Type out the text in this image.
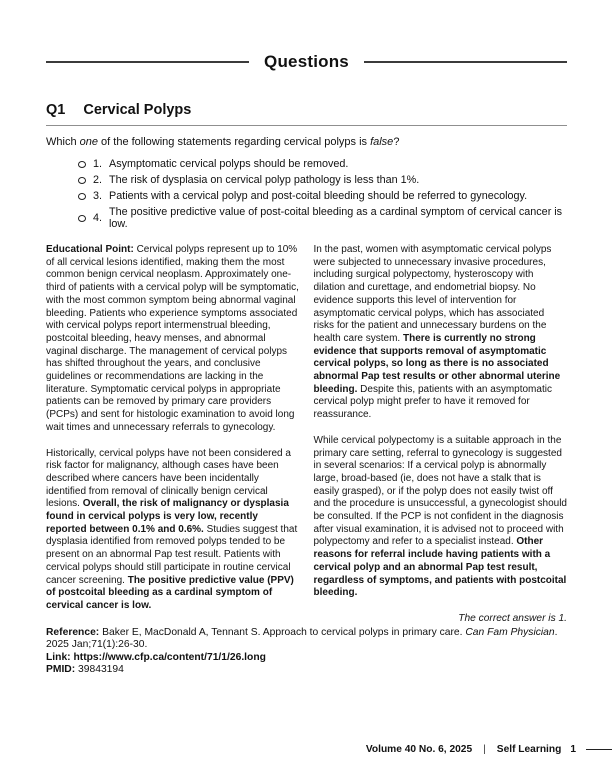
Questions
Q1 Cervical Polyps

Which one of the following statements regarding cervical polyps is false?

1. Asymptomatic cervical polyps should be removed.
2. The risk of dysplasia on cervical polyp pathology is less than 1%.
3. Patients with a cervical polyp and post-coital bleeding should be referred to gynecology.
4. The positive predictive value of post-coital bleeding as a cardinal symptom of cervical cancer is low.

Educational Point: Cervical polyps represent up to 10% of all cervical lesions identified, making them the most common benign cervical neoplasm. Approximately one-third of patients with a cervical polyp will be symptomatic, with the most common symptom being abnormal vaginal bleeding. Patients who experience symptoms associated with cervical polyps report intermenstrual bleeding, postcoital bleeding, heavy menses, and abnormal vaginal discharge. The management of cervical polyps has shifted throughout the years, and conclusive guidelines or recommendations are lacking in the literature. Symptomatic cervical polyps in appropriate patients can be removed by primary care providers (PCPs) and sent for histologic examination to avoid long wait times and unnecessary referrals to gynecology.

Historically, cervical polyps have not been considered a risk factor for malignancy, although cases have been described where cancers have been incidentally identified from removal of clinically benign cervical lesions. Overall, the risk of malignancy or dysplasia found in cervical polyps is very low, recently reported between 0.1% and 0.6%. Studies suggest that dysplasia identified from removed polyps tended to be present on an abnormal Pap test result. Patients with cervical polyps should still participate in routine cervical cancer screening. The positive predictive value (PPV) of postcoital bleeding as a cardinal symptom of cervical cancer is low.

In the past, women with asymptomatic cervical polyps were subjected to unnecessary invasive procedures, including surgical polypectomy, hysteroscopy with dilation and curettage, and endometrial biopsy. No evidence supports this level of intervention for asymptomatic cervical polyps, which has associated risks for the patient and unnecessary burdens on the health care system. There is currently no strong evidence that supports removal of asymptomatic cervical polyps, so long as there is no associated abnormal Pap test results or other abnormal uterine bleeding. Despite this, patients with an asymptomatic cervical polyp might prefer to have it removed for reassurance.

While cervical polypectomy is a suitable approach in the primary care setting, referral to gynecology is suggested in several scenarios: If a cervical polyp is abnormally large, broad-based (ie, does not have a stalk that is easily grasped), or if the polyp does not easily twist off and the procedure is unsuccessful, a gynecologist should be consulted. If the PCP is not confident in the diagnosis after visual examination, it is advised not to proceed with polypectomy and refer to a specialist instead. Other reasons for referral include having patients with a cervical polyp and an abnormal Pap test result, regardless of symptoms, and patients with postcoital bleeding.

The correct answer is 1.

Reference: Baker E, MacDonald A, Tennant S. Approach to cervical polyps in primary care. Can Fam Physician. 2025 Jan;71(1):26-30.

Link: https://www.cfp.ca/content/71/1/26.long

PMID: 39843194

Volume 40 No. 6, 2025 | Self Learning 1
